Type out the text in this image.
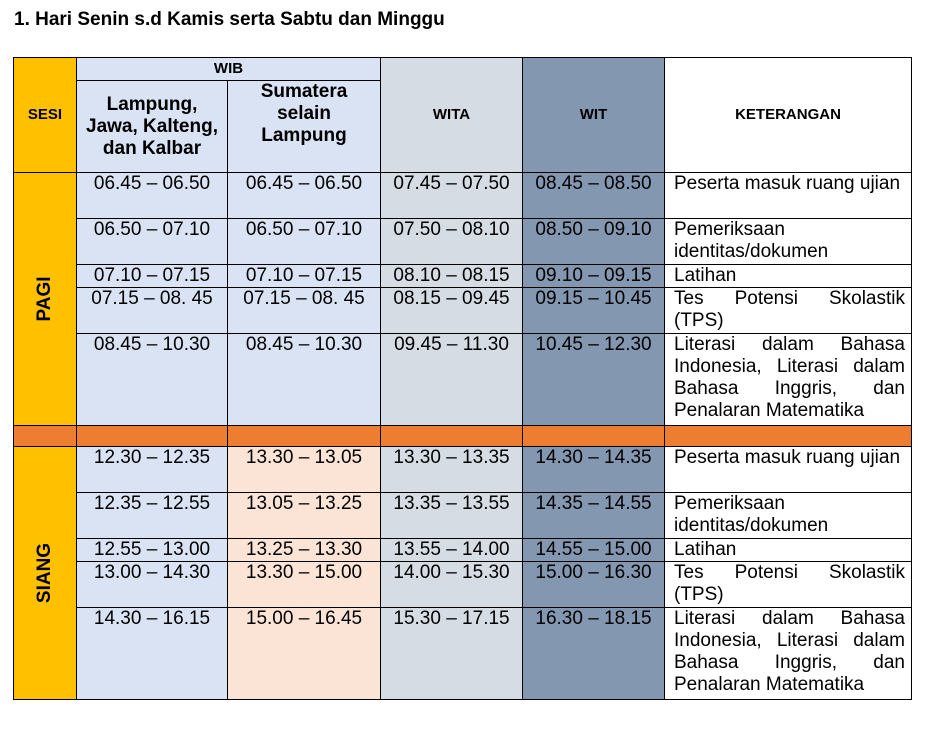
1. Hari Senin s.d Kamis serta Sabtu dan Minggu
SESI	WIB		WITA	WIT	KETERANGAN
	Lampung, Jawa, Kalteng, dan Kalbar	Sumatera selain Lampung			

PAGI	06.45 – 06.50	06.45 – 06.50	07.45 – 07.50	08.45 – 08.50	Peserta masuk ruang ujian
	06.50 – 07.10	06.50 – 07.10	07.50 – 08.10	08.50 – 09.10	Pemeriksaan identitas/dokumen
	07.10 – 07.15	07.10 – 07.15	08.10 – 08.15	09.10 – 09.15	Latihan
	07.15 – 08. 45	07.15 – 08. 45	08.15 – 09.45	09.15 – 10.45	Tes Potensi Skolastik (TPS)
	08.45 – 10.30	08.45 – 10.30	09.45 – 11.30	10.45 – 12.30	Literasi dalam Bahasa Indonesia, Literasi dalam Bahasa Inggris, dan Penalaran Matematika

SIANG	12.30 – 12.35	13.30 – 13.05	13.30 – 13.35	14.30 – 14.35	Peserta masuk ruang ujian
	12.35 – 12.55	13.05 – 13.25	13.35 – 13.55	14.35 – 14.55	Pemeriksaan identitas/dokumen
	12.55 – 13.00	13.25 – 13.30	13.55 – 14.00	14.55 – 15.00	Latihan
	13.00 – 14.30	13.30 – 15.00	14.00 – 15.30	15.00 – 16.30	Tes Potensi Skolastik (TPS)
	14.30 – 16.15	15.00 – 16.45	15.30 – 17.15	16.30 – 18.15	Literasi dalam Bahasa Indonesia, Literasi dalam Bahasa Inggris, dan Penalaran Matematika
